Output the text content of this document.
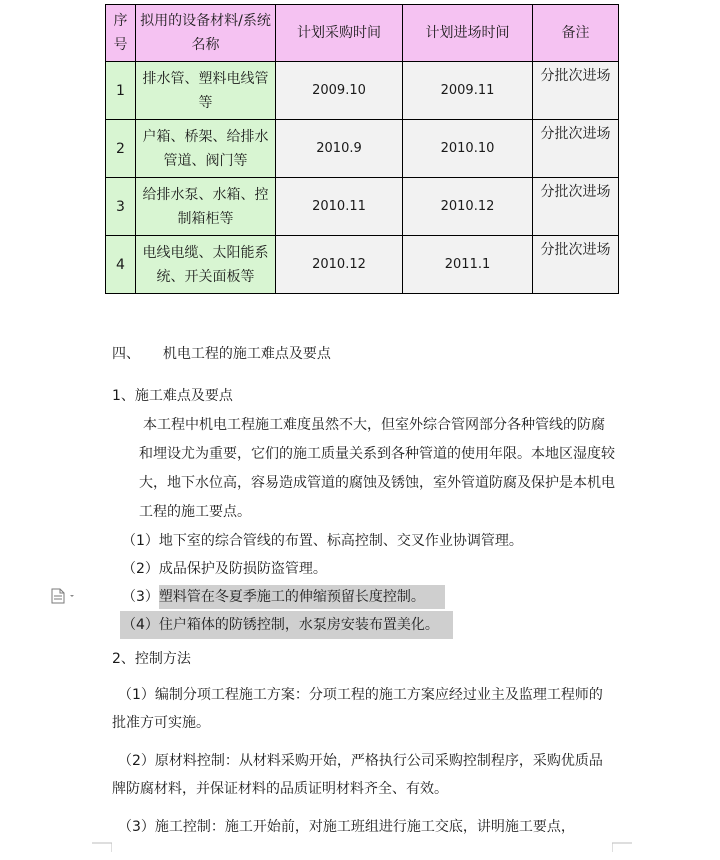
序号	拟用的设备材料/系统名称	计划采购时间	计划进场时间	备注
1	排水管、塑料电线管等	2009.10	2009.11	分批次进场
2	户箱、桥架、给排水管道、阀门等	2010.9	2010.10	分批次进场
3	给排水泵、水箱、控制箱柜等	2010.11	2010.12	分批次进场
4	电线电缆、太阳能系统、开关面板等	2010.12	2011.1	分批次进场
四、 机电工程的施工难点及要点
1、施工难点及要点
本工程中机电工程施工难度虽然不大，但室外综合管网部分各种管线的防腐和埋设尤为重要，它们的施工质量关系到各种管道的使用年限。本地区湿度较大，地下水位高，容易造成管道的腐蚀及锈蚀，室外管道防腐及保护是本机电工程的施工要点。
（1）地下室的综合管线的布置、标高控制、交叉作业协调管理。
（2）成品保护及防损防盗管理。
（3）塑料管在冬夏季施工的伸缩预留长度控制。
（4）住户箱体的防锈控制，水泵房安装布置美化。
2、控制方法
（1）编制分项工程施工方案：分项工程的施工方案应经过业主及监理工程师的
批准方可实施。
（2）原材料控制：从材料采购开始，严格执行公司采购控制程序，采购优质品
牌防腐材料，并保证材料的品质证明材料齐全、有效。
（3）施工控制：施工开始前，对施工班组进行施工交底，讲明施工要点，
